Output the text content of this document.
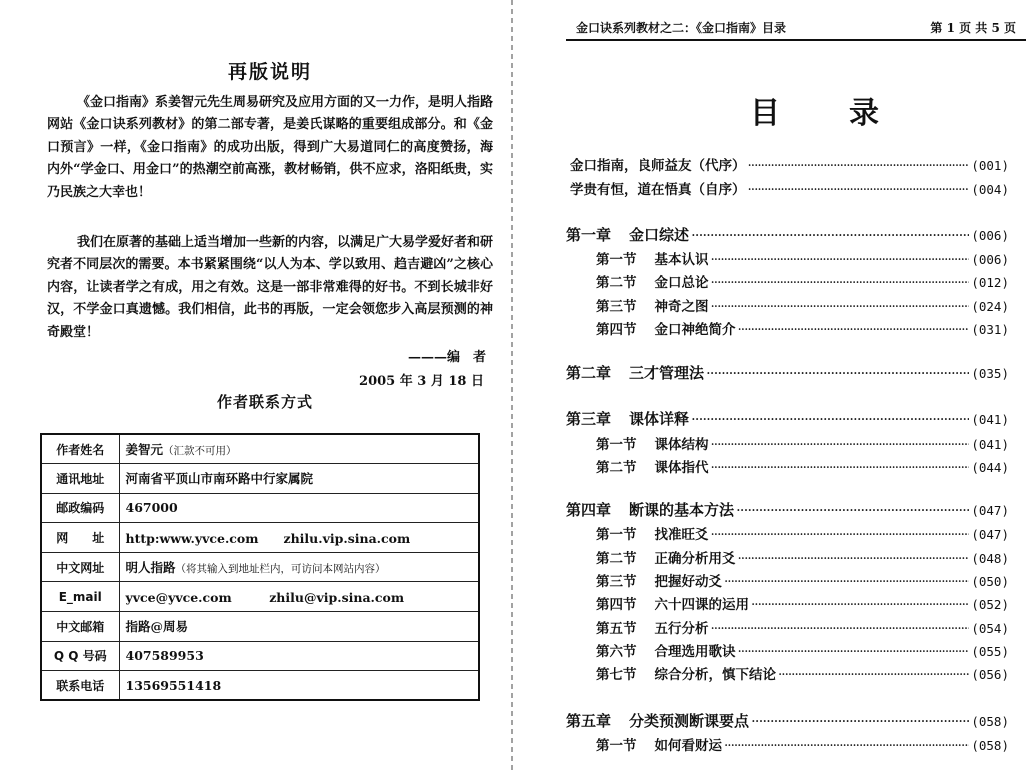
再版说明

《金口指南》系姜智元先生周易研究及应用方面的又一力作，是明人指路网站《金口诀系列教材》的第二部专著，是姜氏谋略的重要组成部分。和《金口预言》一样，《金口指南》的成功出版，得到广大易道同仁的高度赞扬，海内外“学金口、用金口”的热潮空前高涨，教材畅销，供不应求，洛阳纸贵，实乃民族之大幸也！

我们在原著的基础上适当增加一些新的内容，以满足广大易学爱好者和研究者不同层次的需要。本书紧紧围绕“以人为本、学以致用、趋吉避凶”之核心内容，让读者学之有成，用之有效。这是一部非常难得的好书。不到长城非好汉，不学金口真遗憾。我们相信，此书的再版，一定会领您步入高层预测的神奇殿堂！

———编　者
2005 年 3 月 18 日
作者联系方式
作者姓名	姜智元（汇款不可用）
通讯地址	河南省平顶山市南环路中行家属院
邮政编码	467000
网　　址	http:www.yvce.com　　zhilu.vip.sina.com
中文网址	明人指路（将其输入到地址栏内，可访问本网站内容）
E_mail	yvce@yvce.com　　　zhilu@vip.sina.com
中文邮箱	指路@周易
Q Q 号码	407589953
联系电话	13569551418
金口诀系列教材之二：《金口指南》目录	第 1 页 共 5 页
目　　录
金口指南，良师益友（代序） ·····	(001)
学贵有恒，道在悟真（自序） ·····	(004)
第一章 金口综述 ·····	(006)
第一节 基本认识 ·····	(006)
第二节 金口总论 ·····	(012)
第三节 神奇之图 ·····	(024)
第四节 金口神绝简介 ·····	(031)
第二章 三才管理法 ·····	(035)
第三章 课体详释 ·····	(041)
第一节 课体结构 ·····	(041)
第二节 课体指代 ·····	(044)
第四章 断课的基本方法 ·····	(047)
第一节 找准旺爻 ·····	(047)
第二节 正确分析用爻 ·····	(048)
第三节 把握好动爻 ·····	(050)
第四节 六十四课的运用 ·····	(052)
第五节 五行分析 ·····	(054)
第六节 合理选用歌诀 ·····	(055)
第七节 综合分析，慎下结论 ·····	(056)
第五章 分类预测断课要点 ·····	(058)
第一节 如何看财运 ·····	(058)
